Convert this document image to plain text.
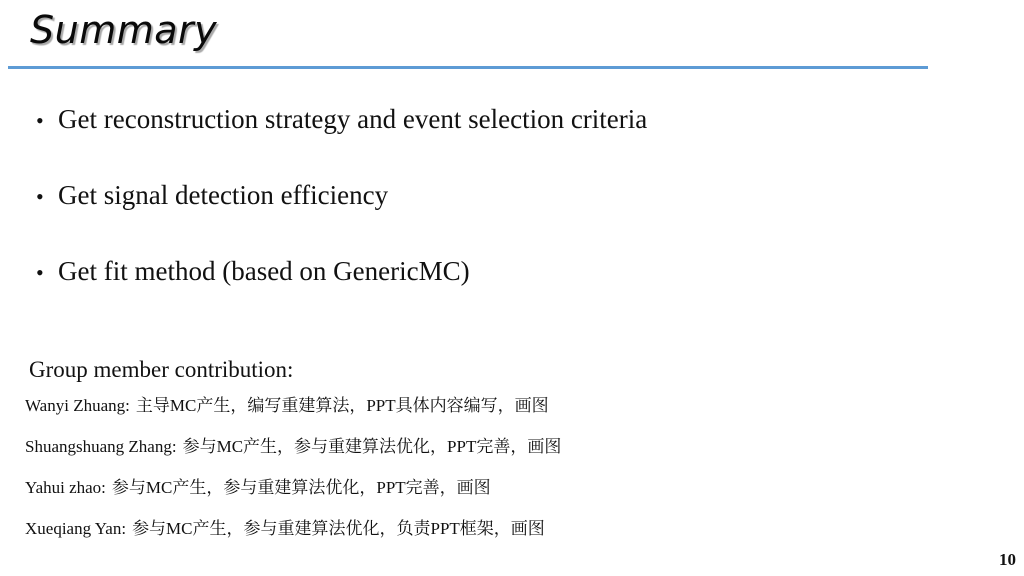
Summary
• Get reconstruction strategy and event selection criteria
• Get signal detection efficiency
• Get fit method (based on GenericMC)
Group member contribution:
Wanyi Zhuang: 主导MC产生，编写重建算法，PPT具体内容编写，画图
Shuangshuang Zhang: 参与MC产生，参与重建算法优化，PPT完善，画图
Yahui zhao: 参与MC产生，参与重建算法优化，PPT完善，画图
Xueqiang Yan: 参与MC产生，参与重建算法优化，负责PPT框架，画图
10
